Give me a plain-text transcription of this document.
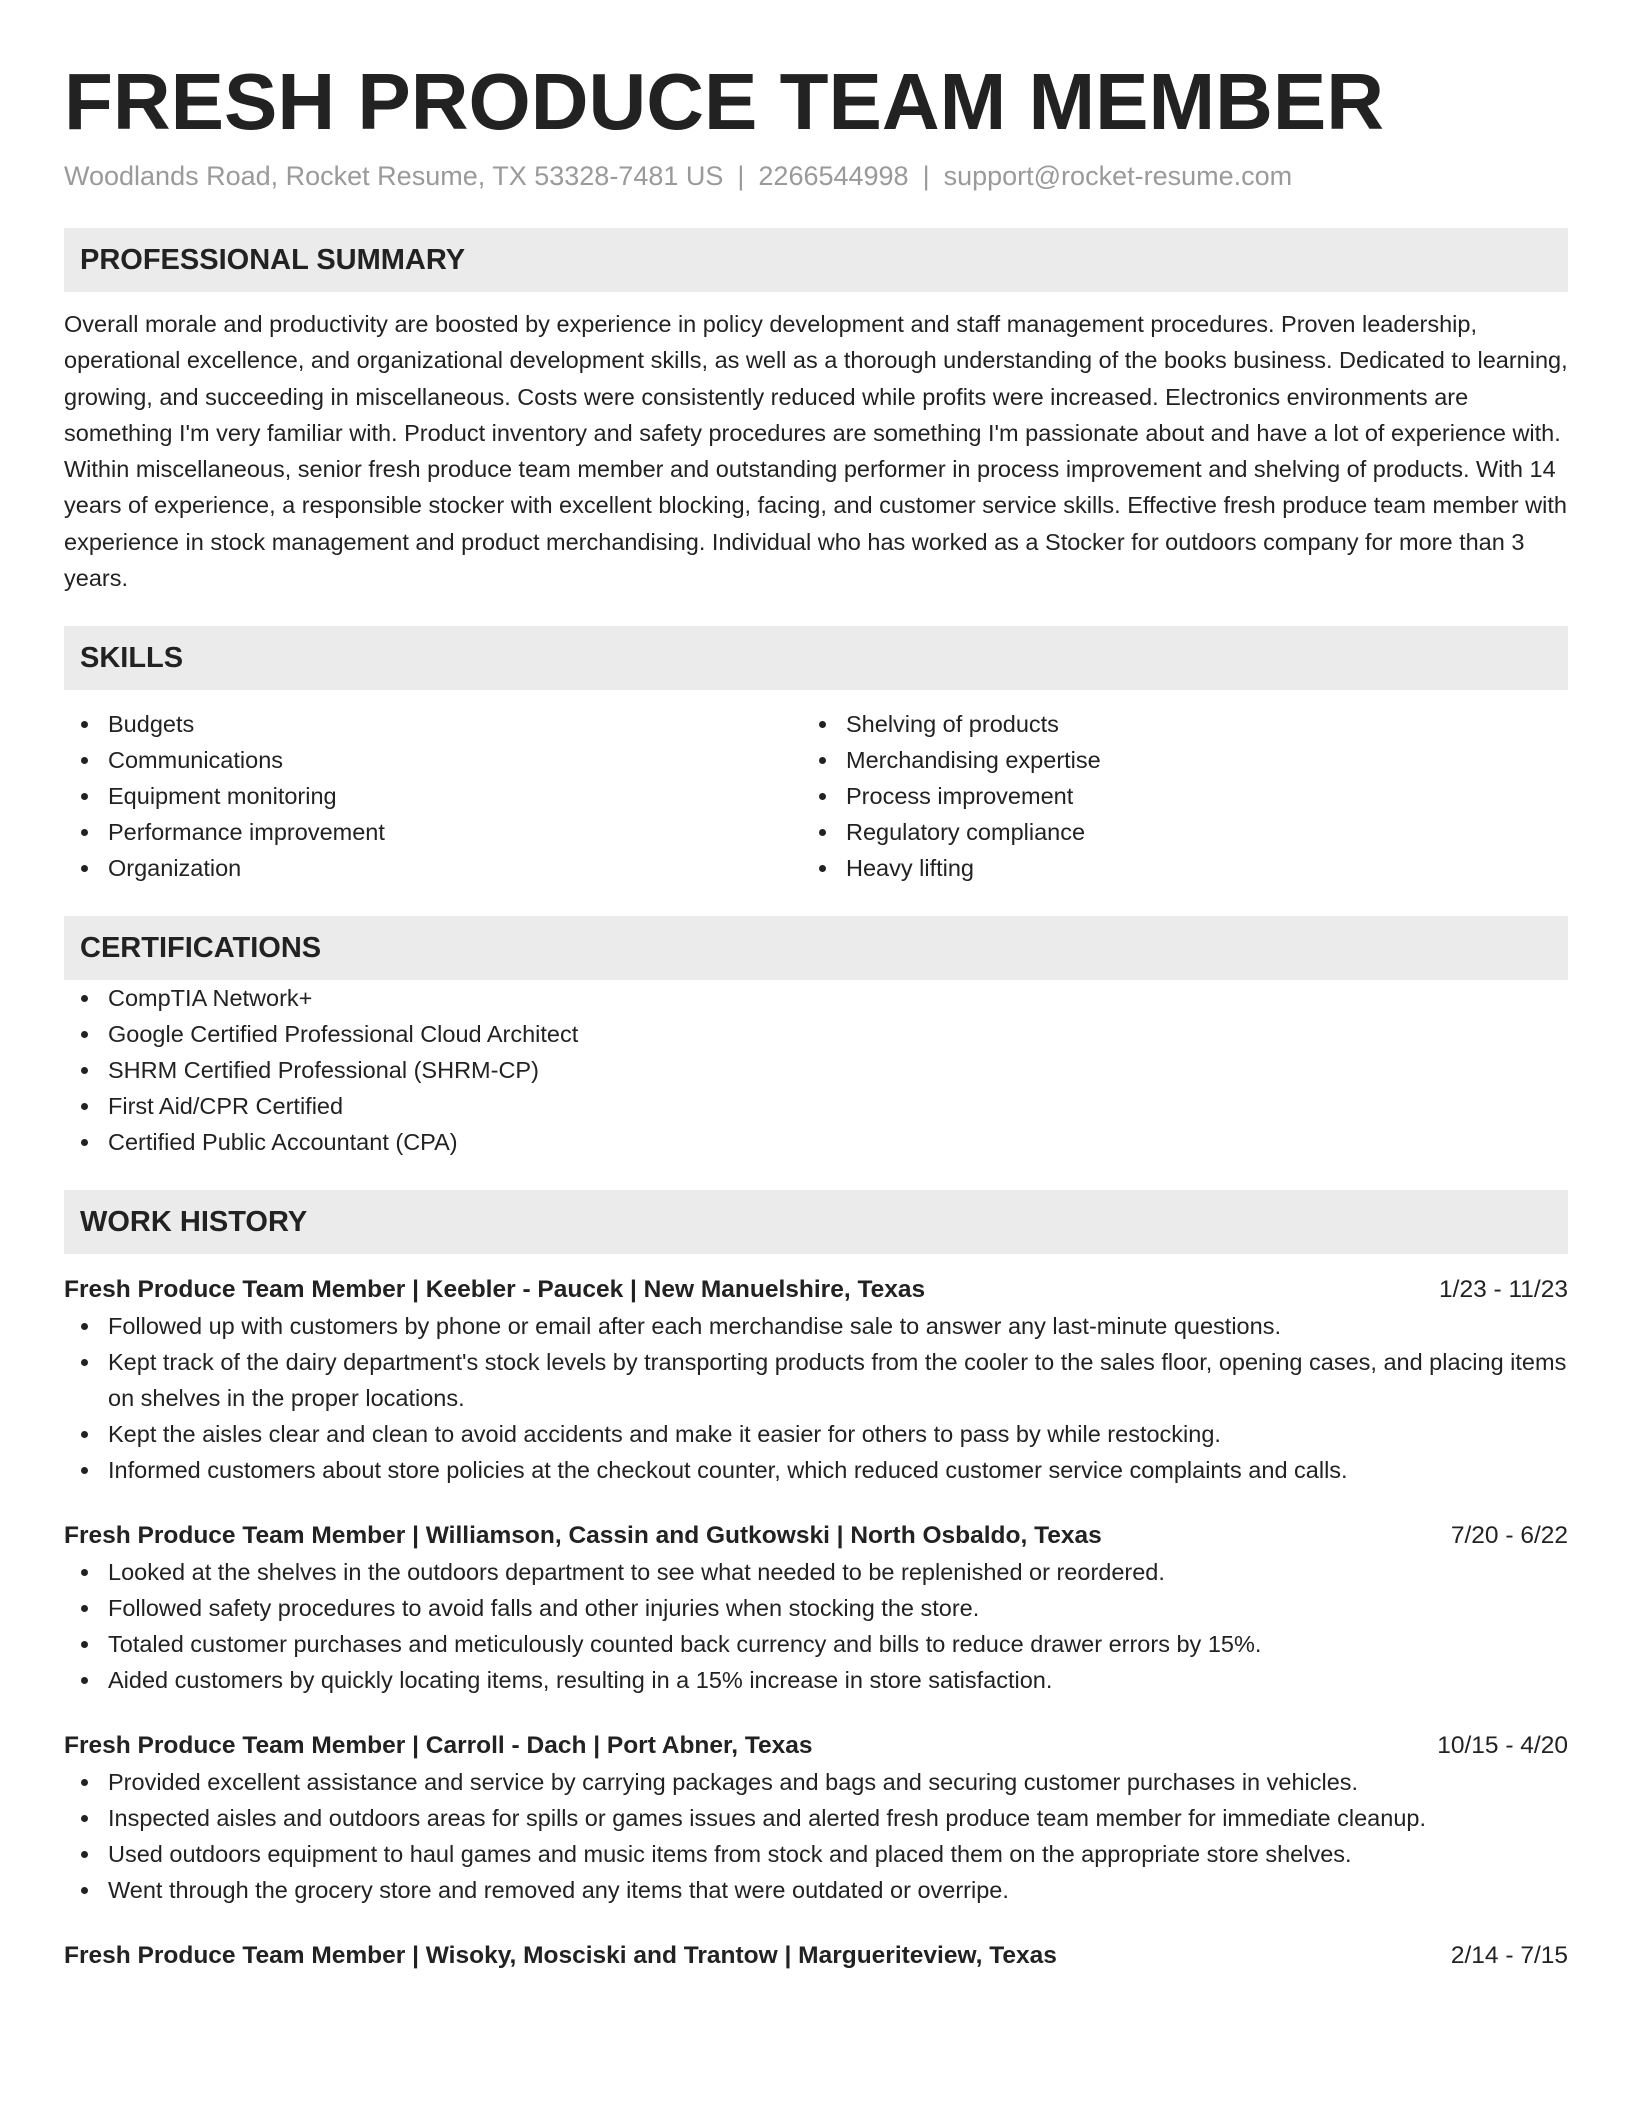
FRESH PRODUCE TEAM MEMBER
Woodlands Road, Rocket Resume, TX 53328-7481 US | 2266544998 | support@rocket-resume.com
PROFESSIONAL SUMMARY

Overall morale and productivity are boosted by experience in policy development and staff management procedures. Proven leadership, operational excellence, and organizational development skills, as well as a thorough understanding of the books business. Dedicated to learning, growing, and succeeding in miscellaneous. Costs were consistently reduced while profits were increased. Electronics environments are something I'm very familiar with. Product inventory and safety procedures are something I'm passionate about and have a lot of experience with. Within miscellaneous, senior fresh produce team member and outstanding performer in process improvement and shelving of products. With 14 years of experience, a responsible stocker with excellent blocking, facing, and customer service skills. Effective fresh produce team member with experience in stock management and product merchandising. Individual who has worked as a Stocker for outdoors company for more than 3 years.

SKILLS
Budgets
Communications
Equipment monitoring
Performance improvement
Organization
Shelving of products
Merchandising expertise
Process improvement
Regulatory compliance
Heavy lifting
CERTIFICATIONS
CompTIA Network+
Google Certified Professional Cloud Architect
SHRM Certified Professional (SHRM-CP)
First Aid/CPR Certified
Certified Public Accountant (CPA)
WORK HISTORY
Fresh Produce Team Member | Keebler - Paucek | New Manuelshire, Texas	1/23 - 11/23
Followed up with customers by phone or email after each merchandise sale to answer any last-minute questions.
Kept track of the dairy department's stock levels by transporting products from the cooler to the sales floor, opening cases, and placing items on shelves in the proper locations.
Kept the aisles clear and clean to avoid accidents and make it easier for others to pass by while restocking.
Informed customers about store policies at the checkout counter, which reduced customer service complaints and calls.
Fresh Produce Team Member | Williamson, Cassin and Gutkowski | North Osbaldo, Texas	7/20 - 6/22
Looked at the shelves in the outdoors department to see what needed to be replenished or reordered.
Followed safety procedures to avoid falls and other injuries when stocking the store.
Totaled customer purchases and meticulously counted back currency and bills to reduce drawer errors by 15%.
Aided customers by quickly locating items, resulting in a 15% increase in store satisfaction.
Fresh Produce Team Member | Carroll - Dach | Port Abner, Texas	10/15 - 4/20
Provided excellent assistance and service by carrying packages and bags and securing customer purchases in vehicles.
Inspected aisles and outdoors areas for spills or games issues and alerted fresh produce team member for immediate cleanup.
Used outdoors equipment to haul games and music items from stock and placed them on the appropriate store shelves.
Went through the grocery store and removed any items that were outdated or overripe.
Fresh Produce Team Member | Wisoky, Mosciski and Trantow | Margueriteview, Texas	2/14 - 7/15
